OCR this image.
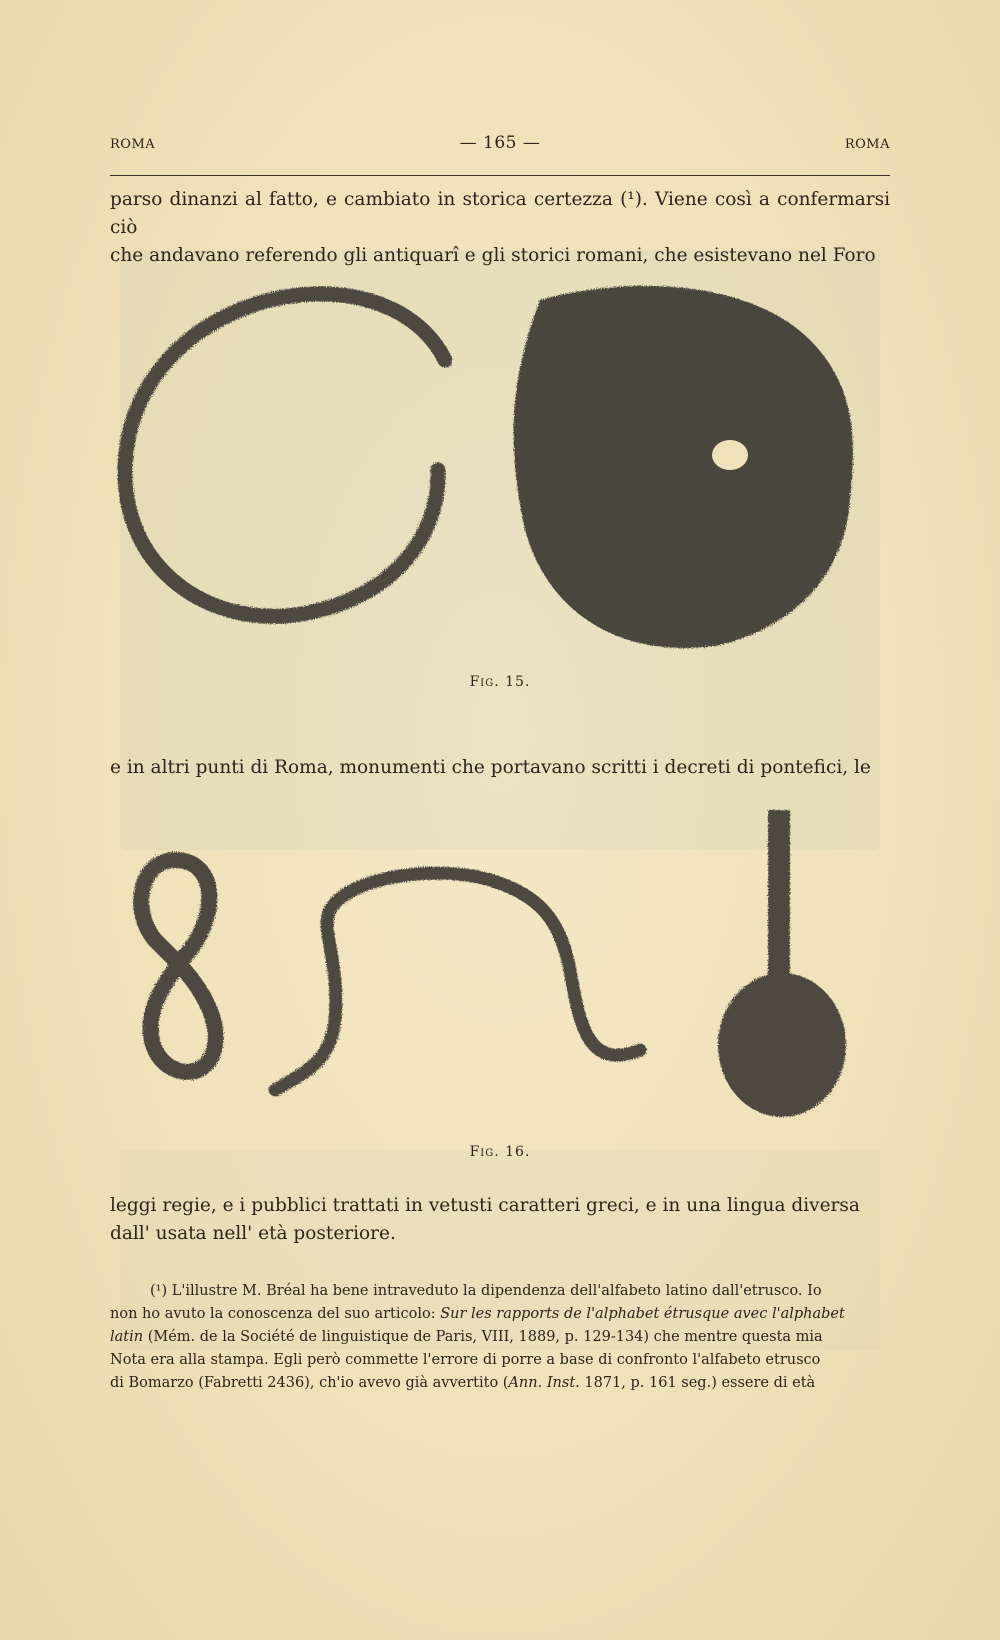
ROMA	— 165 —	ROMA
parso dinanzi al fatto, e cambiato in storica certezza (¹). Viene così a confermarsi ciò
che andavano referendo gli antiquarî e gli storici romani, che esistevano nel Foro
Fig. 15.
e in altri punti di Roma, monumenti che portavano scritti i decreti di pontefici, le
Fig. 16.
leggi regie, e i pubblici trattati in vetusti caratteri greci, e in una lingua diversa
dall' usata nell' età posteriore.
(¹) L'illustre M. Bréal ha bene intraveduto la dipendenza dell'alfabeto latino dall'etrusco. Io
non ho avuto la conoscenza del suo articolo: Sur les rapports de l'alphabet étrusque avec l'alphabet
latin (Mém. de la Société de linguistique de Paris, VIII, 1889, p. 129-134) che mentre questa mia
Nota era alla stampa. Egli però commette l'errore di porre a base di confronto l'alfabeto etrusco
di Bomarzo (Fabretti 2436), ch'io avevo già avvertito (Ann. Inst. 1871, p. 161 seg.) essere di età
